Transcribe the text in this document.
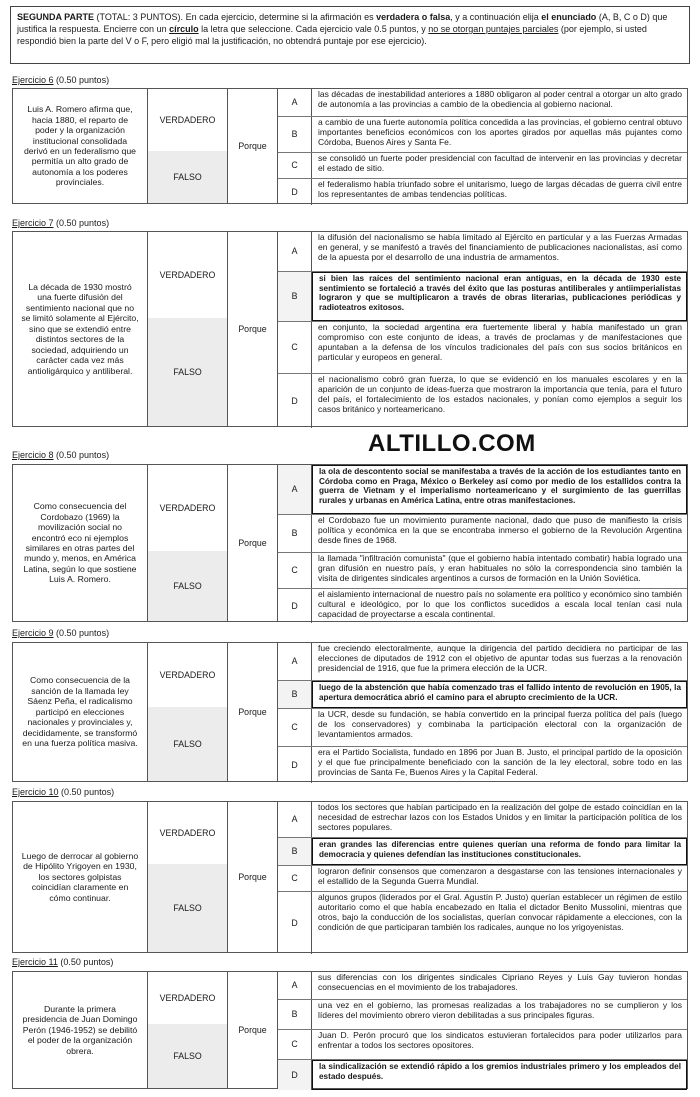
SEGUNDA PARTE (TOTAL: 3 PUNTOS). En cada ejercicio, determine si la afirmación es verdadera o falsa, y a continuación elija el enunciado (A, B, C o D) que justifica la respuesta. Encierre con un círculo la letra que seleccione. Cada ejercicio vale 0.5 puntos, y no se otorgan puntajes parciales (por ejemplo, si usted respondió bien la parte del V o F, pero eligió mal la justificación, no obtendrá puntaje por ese ejercicio).
Ejercicio 6 (0.50 puntos)
Luis A. Romero afirma que, hacia 1880, el reparto de poder y la organización institucional consolidada derivó en un federalismo que permitía un alto grado de autonomía a los poderes provinciales.
VERDADERO
FALSO
Porque
A
las décadas de inestabilidad anteriores a 1880 obligaron al poder central a otorgar un alto grado de autonomía a las provincias a cambio de la obediencia al gobierno nacional.
B
a cambio de una fuerte autonomía política concedida a las provincias, el gobierno central obtuvo importantes beneficios económicos con los aportes girados por aquellas más pujantes como Córdoba, Buenos Aires y Santa Fe.
C
se consolidó un fuerte poder presidencial con facultad de intervenir en las provincias y decretar el estado de sitio.
D
el federalismo había triunfado sobre el unitarismo, luego de largas décadas de guerra civil entre los representantes de ambas tendencias políticas.
Ejercicio 7 (0.50 puntos)
La década de 1930 mostró una fuerte difusión del sentimiento nacional que no se limitó solamente al Ejército, sino que se extendió entre distintos sectores de la sociedad, adquiriendo un carácter cada vez más antioligárquico y antiliberal.
VERDADERO
FALSO
Porque
A
la difusión del nacionalismo se había limitado al Ejército en particular y a las Fuerzas Armadas en general, y se manifestó a través del financiamiento de publicaciones nacionalistas, así como de la apuesta por el desarrollo de una industria de armamentos.
B
si bien las raíces del sentimiento nacional eran antiguas, en la década de 1930 este sentimiento se fortaleció a través del éxito que las posturas antiliberales y antiimperialistas lograron y que se multiplicaron a través de obras literarias, publicaciones periódicas y radioteatros exitosos.
C
en conjunto, la sociedad argentina era fuertemente liberal y había manifestado un gran compromiso con este conjunto de ideas, a través de proclamas y de manifestaciones que apuntaban a la defensa de los vínculos tradicionales del país con sus socios británicos en particular y europeos en general.
D
el nacionalismo cobró gran fuerza, lo que se evidenció en los manuales escolares y en la aparición de un conjunto de ideas-fuerza que mostraron la importancia que tenía, para el futuro del país, el fortalecimiento de los estados nacionales, y ponían como ejemplos a seguir los casos británico y norteamericano.
ALTILLO.COM
Ejercicio 8 (0.50 puntos)
Como consecuencia del Cordobazo (1969) la movilización social no encontró eco ni ejemplos similares en otras partes del mundo y, menos, en América Latina, según lo que sostiene Luis A. Romero.
VERDADERO
FALSO
Porque
A
la ola de descontento social se manifestaba a través de la acción de los estudiantes tanto en Córdoba como en Praga, México o Berkeley así como por medio de los estallidos contra la guerra de Vietnam y el imperialismo norteamericano y el surgimiento de las guerrillas rurales y urbanas en América Latina, entre otras manifestaciones.
B
el Cordobazo fue un movimiento puramente nacional, dado que puso de manifiesto la crisis política y económica en la que se encontraba inmerso el gobierno de la Revolución Argentina desde fines de 1968.
C
la llamada "infiltración comunista" (que el gobierno había intentado combatir) había logrado una gran difusión en nuestro país, y eran habituales no sólo la correspondencia sino también la visita de dirigentes sindicales argentinos a cursos de formación en la Unión Soviética.
D
el aislamiento internacional de nuestro país no solamente era político y económico sino también cultural e ideológico, por lo que los conflictos sucedidos a escala local tenían casi nula capacidad de proyectarse a escala continental.
Ejercicio 9 (0.50 puntos)
Como consecuencia de la sanción de la llamada ley Sáenz Peña, el radicalismo participó en elecciones nacionales y provinciales y, decididamente, se transformó en una fuerza política masiva.
VERDADERO
FALSO
Porque
A
fue creciendo electoralmente, aunque la dirigencia del partido decidiera no participar de las elecciones de diputados de 1912 con el objetivo de apuntar todas sus fuerzas a la renovación presidencial de 1916, que fue la primera elección de la UCR.
B
luego de la abstención que había comenzado tras el fallido intento de revolución en 1905, la apertura democrática abrió el camino para el abrupto crecimiento de la UCR.
C
la UCR, desde su fundación, se había convertido en la principal fuerza política del país (luego de los conservadores) y combinaba la participación electoral con la organización de levantamientos armados.
D
era el Partido Socialista, fundado en 1896 por Juan B. Justo, el principal partido de la oposición y el que fue principalmente beneficiado con la sanción de la ley electoral, sobre todo en las provincias de Santa Fe, Buenos Aires y la Capital Federal.
Ejercicio 10 (0.50 puntos)
Luego de derrocar al gobierno de Hipólito Yrigoyen en 1930, los sectores golpistas coincidían claramente en cómo continuar.
VERDADERO
FALSO
Porque
A
todos los sectores que habían participado en la realización del golpe de estado coincidían en la necesidad de estrechar lazos con los Estados Unidos y en limitar la participación política de los sectores populares.
B
eran grandes las diferencias entre quienes querían una reforma de fondo para limitar la democracia y quienes defendían las instituciones constitucionales.
C
lograron definir consensos que comenzaron a desgastarse con las tensiones internacionales y el estallido de la Segunda Guerra Mundial.
D
algunos grupos (liderados por el Gral. Agustín P. Justo) querían establecer un régimen de estilo autoritario como el que había encabezado en Italia el dictador Benito Mussolini, mientras que otros, bajo la conducción de los socialistas, querían convocar rápidamente a elecciones, con la condición de que participaran también los radicales, aunque no los yrigoyenistas.
Ejercicio 11 (0.50 puntos)
Durante la primera presidencia de Juan Domingo Perón (1946-1952) se debilitó el poder de la organización obrera.
VERDADERO
FALSO
Porque
A
sus diferencias con los dirigentes sindicales Cipriano Reyes y Luis Gay tuvieron hondas consecuencias en el movimiento de los trabajadores.
B
una vez en el gobierno, las promesas realizadas a los trabajadores no se cumplieron y los líderes del movimiento obrero vieron debilitadas a sus principales figuras.
C
Juan D. Perón procuró que los sindicatos estuvieran fortalecidos para poder utilizarlos para enfrentar a todos los sectores opositores.
D
la sindicalización se extendió rápido a los gremios industriales primero y los empleados del estado después.
